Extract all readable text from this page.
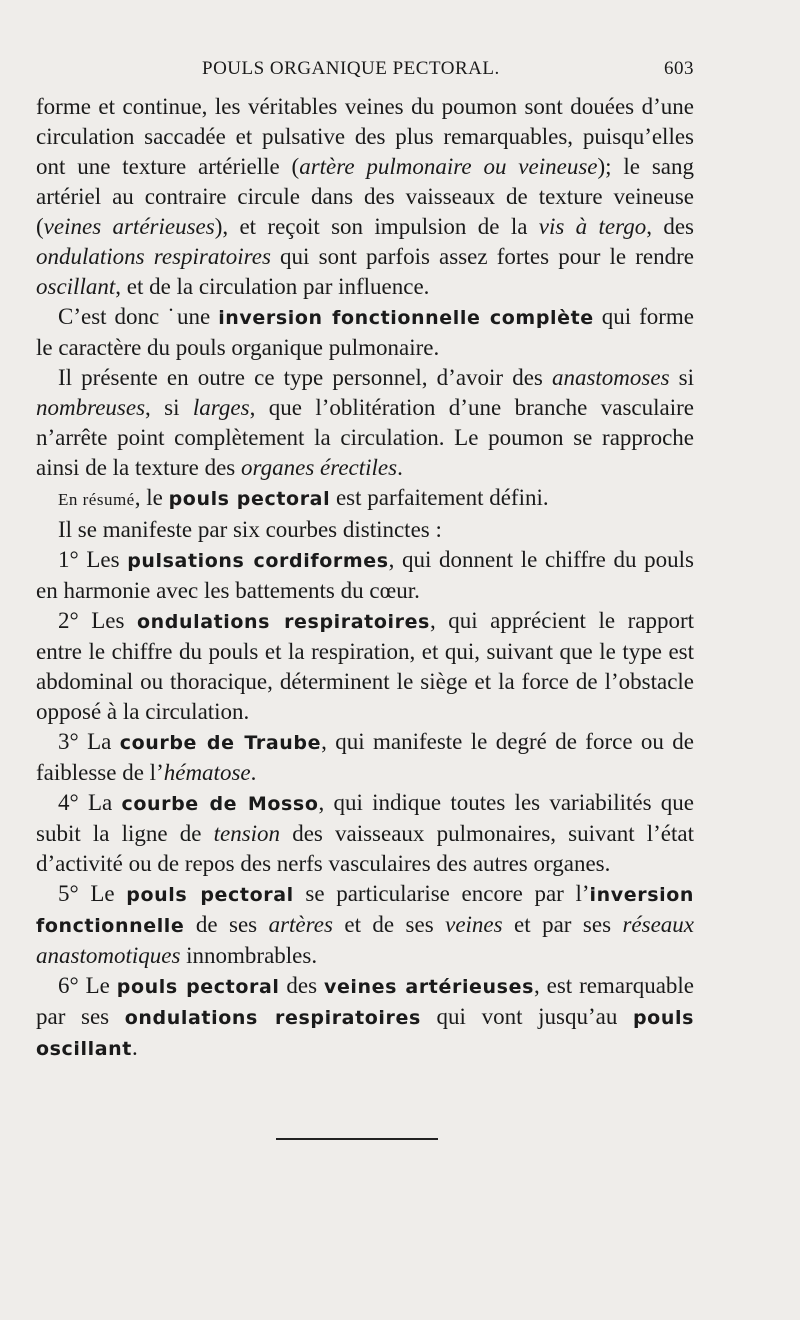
POULS ORGANIQUE PECTORAL.	603

forme et continue, les véritables veines du poumon sont douées d’une circulation saccadée et pulsative des plus remarquables, puisqu’elles ont une texture artérielle (artère pulmonaire ou veineuse); le sang artériel au contraire circule dans des vaisseaux de texture veineuse (veines artérieuses), et reçoit son impulsion de la vis à tergo, des ondulations respiratoires qui sont parfois assez fortes pour le rendre oscillant, et de la circulation par influence.

C’est donc ˙une inversion fonctionnelle complète qui forme le caractère du pouls organique pulmonaire.

Il présente en outre ce type personnel, d’avoir des anastomoses si nombreuses, si larges, que l’oblitération d’une branche vasculaire n’arrête point complètement la circulation. Le poumon se rapproche ainsi de la texture des organes érectiles.

En résumé, le pouls pectoral est parfaitement défini.

Il se manifeste par six courbes distinctes :

1° Les pulsations cordiformes, qui donnent le chiffre du pouls en harmonie avec les battements du cœur.

2° Les ondulations respiratoires, qui apprécient le rapport entre le chiffre du pouls et la respiration, et qui, suivant que le type est abdominal ou thoracique, déterminent le siège et la force de l’obstacle opposé à la circulation.

3° La courbe de Traube, qui manifeste le degré de force ou de faiblesse de l’hématose.

4° La courbe de Mosso, qui indique toutes les variabilités que subit la ligne de tension des vaisseaux pulmonaires, suivant l’état d’activité ou de repos des nerfs vasculaires des autres organes.

5° Le pouls pectoral se particularise encore par l’inversion fonctionnelle de ses artères et de ses veines et par ses réseaux anastomotiques innombrables.

6° Le pouls pectoral des veines artérieuses, est remarquable par ses ondulations respiratoires qui vont jusqu’au pouls oscillant.
